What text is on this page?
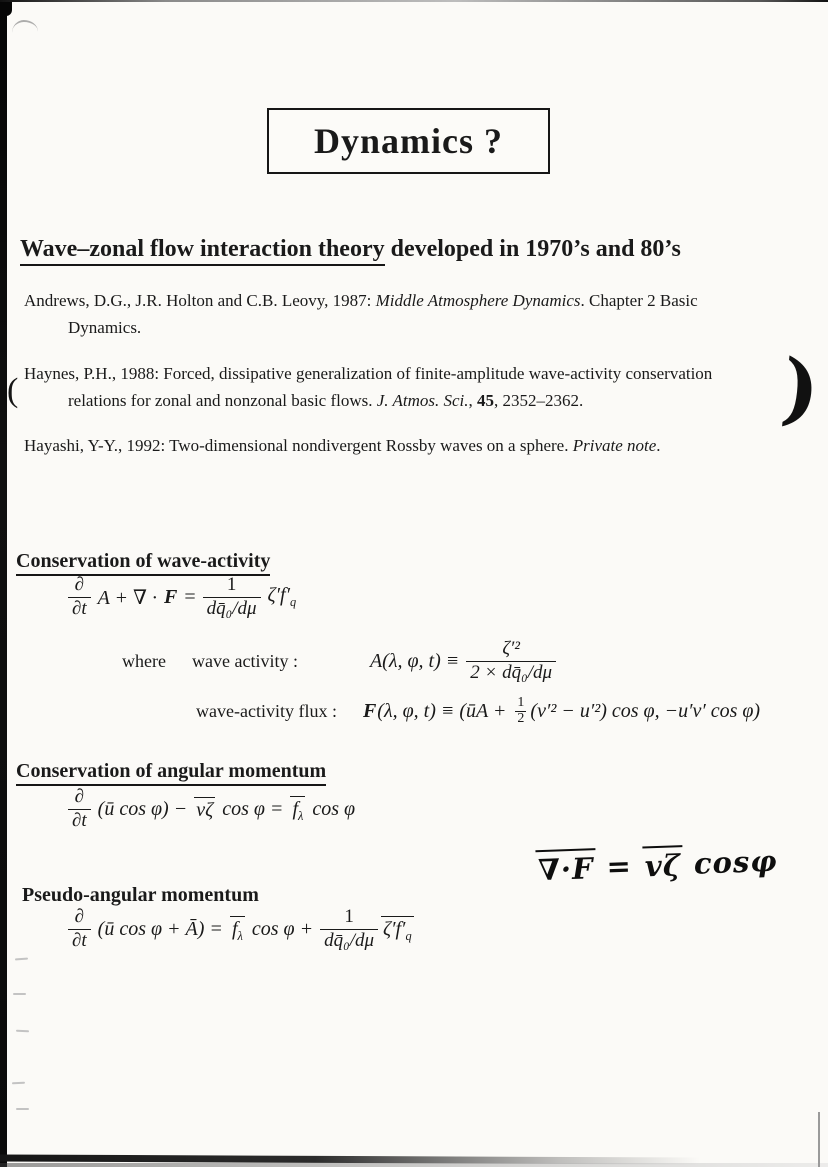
Dynamics ?
Wave–zonal flow interaction theory developed in 1970’s and 80’s

Andrews, D.G., J.R. Holton and C.B. Leovy, 1987: Middle Atmosphere Dynamics. Chapter 2 Basic Dynamics.

Haynes, P.H., 1988: Forced, dissipative generalization of finite-amplitude wave-activity conservation relations for zonal and nonzonal basic flows. J. Atmos. Sci., 45, 2352–2362.

Hayashi, Y-Y., 1992: Two-dimensional nondivergent Rossby waves on a sphere. Private note.

(	)
Conservation of wave-activity
$\frac{\partial}{\partial t}$ A + ∇ · $F = \frac{1}{\text{dq̄₀/dμ}} \zeta'f'_q$
where wave activity :	A(λ, φ, $t) \equiv \frac{\text{ζ′²}}{\text{2 × dq̄₀/dμ}}$
wave-activity flux : F (λ, φ, t) ≡ (ūA + $\frac{1}{2} (v'^2 - u'^2)$ cos φ, −u′v′ cos φ)
Conservation of angular momentum
$\frac{\partial}{\partial t}$ (ū cos φ) − vζ $\cos \varphi = f_\lambda$ cos φ
∇·F = vζ cosφ
Pseudo-angular momentum
$\frac{\partial}{\partial t}$ (ū cos φ + Ā) = $f_\lambda$ $\cos \varphi + \frac{1}{\text{dq̄₀/dμ}} \zeta'f'_q$
